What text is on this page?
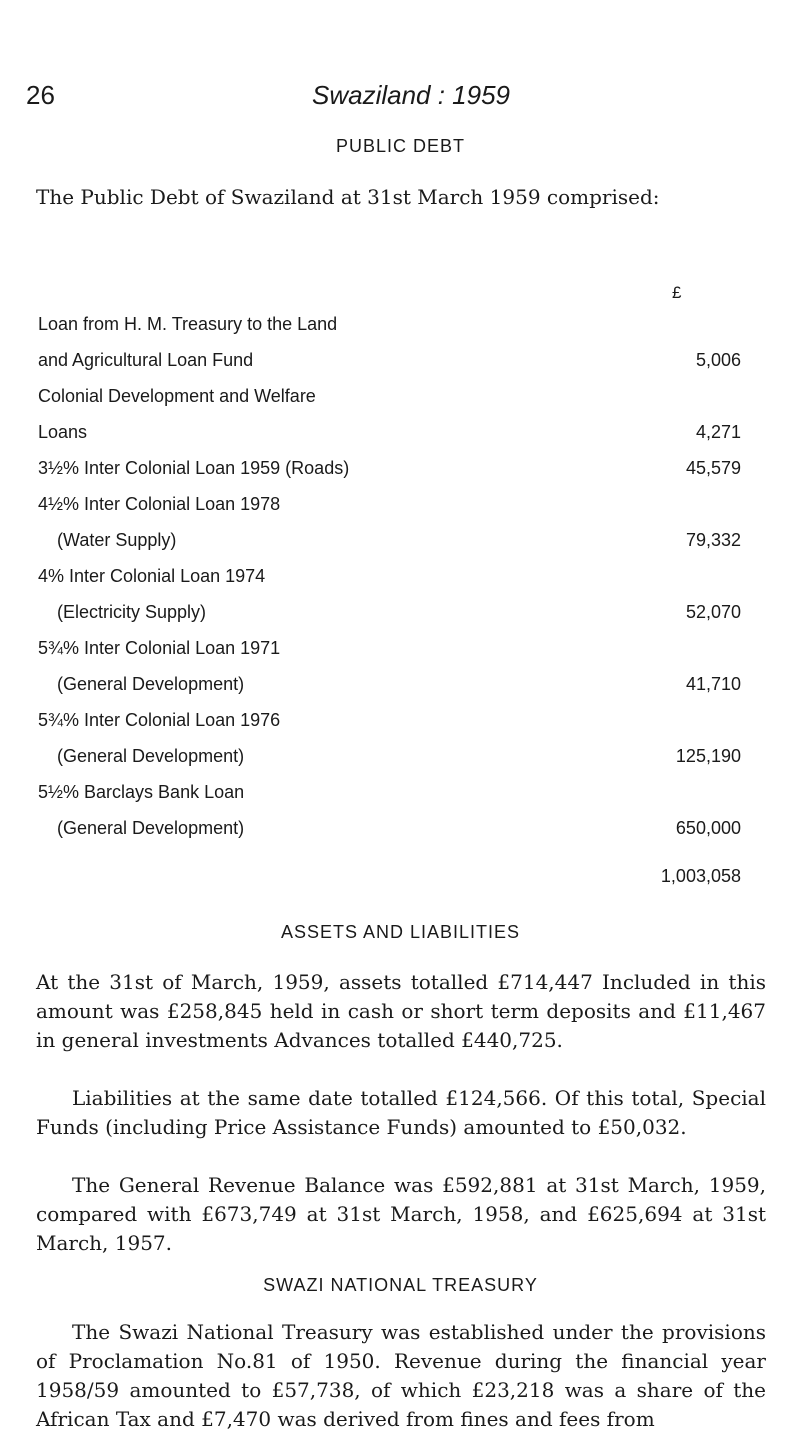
26	Swaziland : 1959
PUBLIC DEBT

The Public Debt of Swaziland at 31st March 1959 comprised:

£
Loan from H. M. Treasury to the Land
and Agricultural Loan Fund	5,006
Colonial Development and Welfare
Loans	4,271
3½% Inter Colonial Loan 1959 (Roads)	45,579
4½% Inter Colonial Loan 1978
(Water Supply)	79,332
4% Inter Colonial Loan 1974
(Electricity Supply)	52,070
5¾% Inter Colonial Loan 1971
(General Development)	41,710
5¾% Inter Colonial Loan 1976
(General Development)	125,190
5½% Barclays Bank Loan
(General Development)	650,000
1,003,058
ASSETS AND LIABILITIES

At the 31st of March, 1959, assets totalled £714,447 Included in this amount was £258,845 held in cash or short term deposits and £11,467 in general investments Advances totalled £440,725.

Liabilities at the same date totalled £124,566. Of this total, Special Funds (including Price Assistance Funds) amounted to £50,032.

The General Revenue Balance was £592,881 at 31st March, 1959, compared with £673,749 at 31st March, 1958, and £625,694 at 31st March, 1957.

SWAZI NATIONAL TREASURY

The Swazi National Treasury was established under the provisions of Proclamation No.81 of 1950. Revenue during the financial year 1958/59 amounted to £57,738, of which £23,218 was a share of the African Tax and £7,470 was derived from fines and fees from
